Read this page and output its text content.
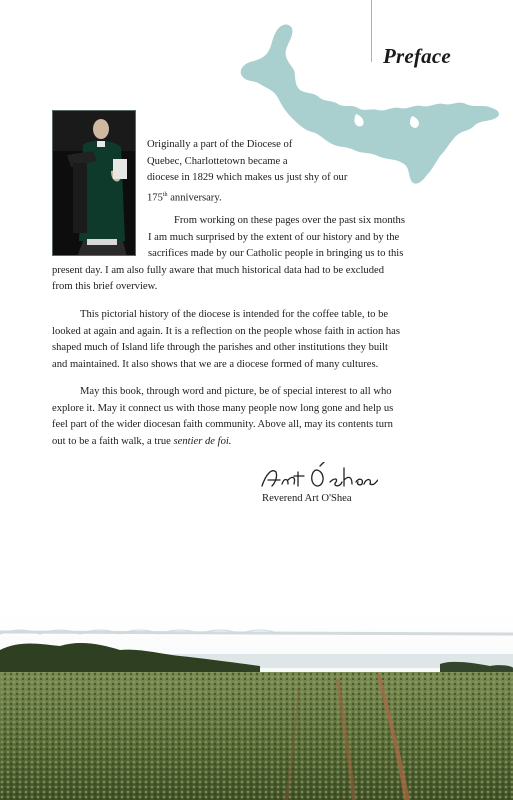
Preface
Originally a part of the Diocese of
Quebec, Charlottetown became a
diocese in 1829 which makes us just shy of our
175th anniversary.
From working on these pages over the past six months
I am much surprised by the extent of our history and by the
sacrifices made by our Catholic people in bringing us to this
present day. I am also fully aware that much historical data had to be excluded
from this brief overview.
This pictorial history of the diocese is intended for the coffee table, to be
looked at again and again. It is a reflection on the people whose faith in action has
shaped much of Island life through the parishes and other institutions they built
and maintained. It also shows that we are a diocese formed of many cultures.
May this book, through word and picture, be of special interest to all who
explore it. May it connect us with those many people now long gone and help us
feel part of the wider diocesan faith community. Above all, may its contents turn
out to be a faith walk, a true sentier de foi.
Reverend Art O'Shea
